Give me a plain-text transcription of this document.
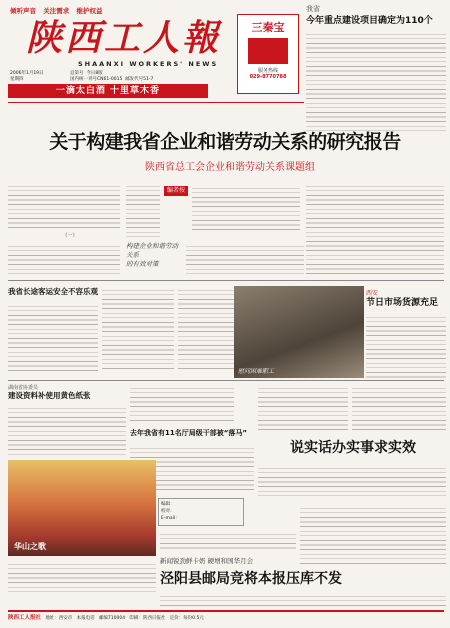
倾听声音 关注需求 维护权益
陕西工人報
SHAANXI WORKERS' NEWS
2006年1月19日
星期四
总第号 今日8版
国内统一刊号CN61-0015 邮发代号51-7
一滴太白酒 十里草木香
三秦宝
服务热线
029-8770788
我省
今年重点建设项目确定为110个
关于构建我省企业和谐劳动关系的研究报告
陕西省总工会企业和谐劳动关系课题组
（一）
编者按
构建企业和谐劳动关系
的有效对策
我省长途客运安全不容乐观
慰问困难职工
西安
节日市场货源充足
湖南省协委员
建设资料补使用黄色纸张
去年我省有11名厅局级干部被“落马”
编辑：
校对：
E-mail：
华山之歌
说实话办实事求实效
新闻锐劲鲜卡奶 硬增和国华月会
泾阳县邮局竞将本报压库不发
陕西工人报社 地址：西安市 本报电话 邮编710004 印刷：陕西日报社 定价：每份0.5元
